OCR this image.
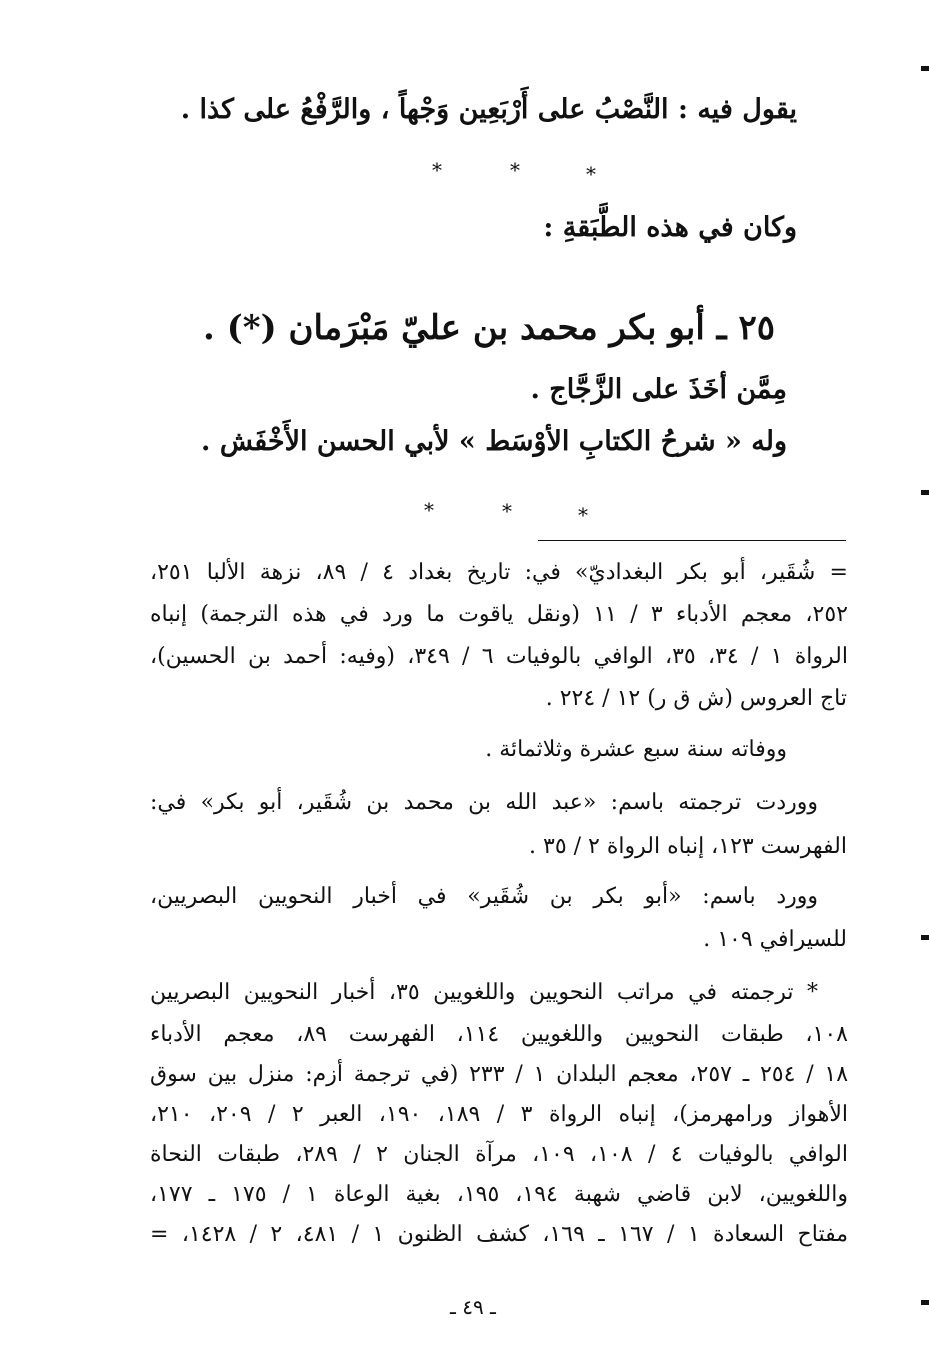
يقول فيه : النَّصْبُ على أَرْبَعِين وَجْهاً ، والرَّفْعُ على كذا .
*
*
*
وكان في هذه الطَّبَقةِ :
٢٥ ـ أبو بكر محمد بن عليّ مَبْرَمان (*) .
مِمَّن أخَذَ على الزَّجَّاج .
وله « شرحُ الكتابِ الأوْسَط » لأبي الحسن الأَخْفَش .
*
*
*
= شُقَير، أبو بكر البغداديّ» في: تاريخ بغداد ٤ / ٨٩، نزهة الألبا ٢٥١،
٢٥٢، معجم الأدباء ٣ / ١١ (ونقل ياقوت ما ورد في هذه الترجمة) إنباه
الرواة ١ / ٣٤، ٣٥، الوافي بالوفيات ٦ / ٣٤٩، (وفيه: أحمد بن الحسين)،
تاج العروس (ش ق ر) ١٢ / ٢٢٤ .
ووفاته سنة سبع عشرة وثلاثمائة .
ووردت ترجمته باسم: «عبد الله بن محمد بن شُقَير، أبو بكر» في:
الفهرست ١٢٣، إنباه الرواة ٢ / ٣٥ .
وورد باسم: «أبو بكر بن شُقَير» في أخبار النحويين البصريين،
للسيرافي ١٠٩ .
* ترجمته في مراتب النحويين واللغويين ٣٥، أخبار النحويين البصريين
١٠٨، طبقات النحويين واللغويين ١١٤، الفهرست ٨٩، معجم الأدباء
١٨ / ٢٥٤ ـ ٢٥٧، معجم البلدان ١ / ٢٣٣ (في ترجمة أزم: منزل بين سوق
الأهواز ورامهرمز)، إنباه الرواة ٣ / ١٨٩، ١٩٠، العبر ٢ / ٢٠٩، ٢١٠،
الوافي بالوفيات ٤ / ١٠٨، ١٠٩، مرآة الجنان ٢ / ٢٨٩، طبقات النحاة
واللغويين، لابن قاضي شهبة ١٩٤، ١٩٥، بغية الوعاة ١ / ١٧٥ ـ ١٧٧،
مفتاح السعادة ١ / ١٦٧ ـ ١٦٩، كشف الظنون ١ / ٤٨١، ٢ / ١٤٢٨، =
ـ ٤٩ ـ
